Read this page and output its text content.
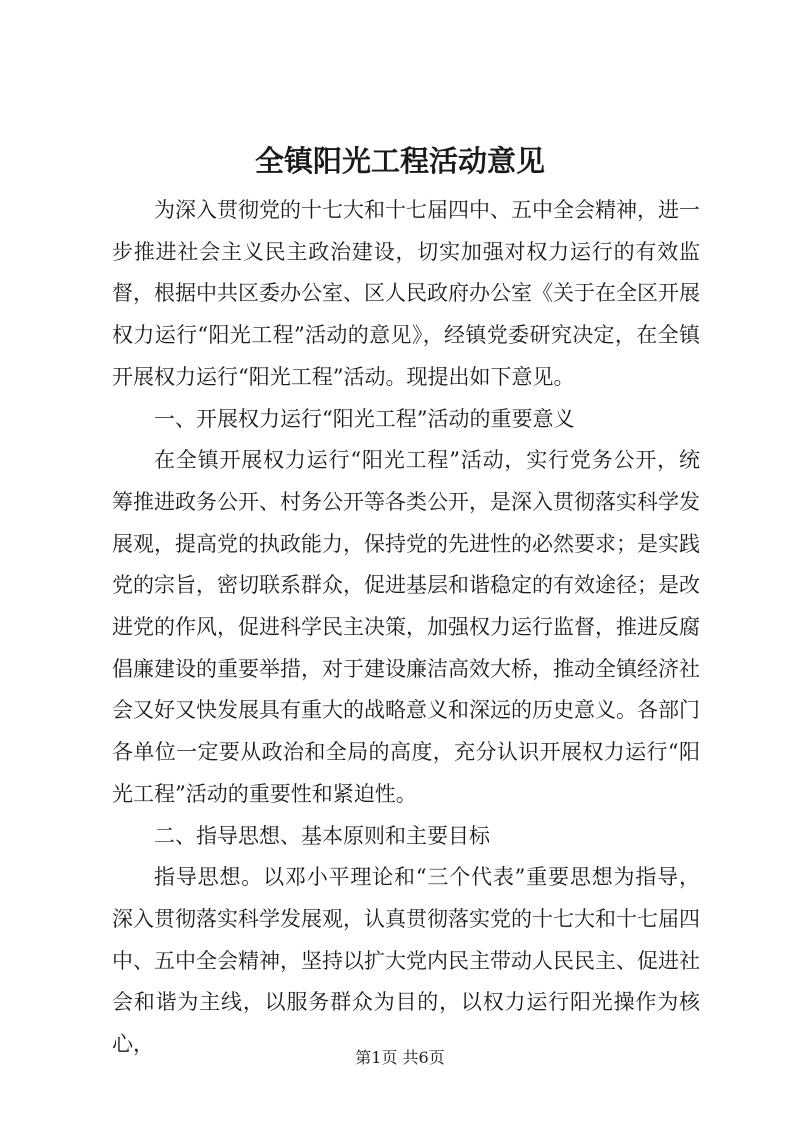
全镇阳光工程活动意见

为深入贯彻党的十七大和十七届四中、五中全会精神，进一步推进社会主义民主政治建设，切实加强对权力运行的有效监督，根据中共区委办公室、区人民政府办公室《关于在全区开展权力运行“阳光工程”活动的意见》，经镇党委研究决定，在全镇开展权力运行“阳光工程”活动。现提出如下意见。

一、开展权力运行“阳光工程”活动的重要意义

在全镇开展权力运行“阳光工程”活动，实行党务公开，统筹推进政务公开、村务公开等各类公开，是深入贯彻落实科学发展观，提高党的执政能力，保持党的先进性的必然要求；是实践党的宗旨，密切联系群众，促进基层和谐稳定的有效途径；是改进党的作风，促进科学民主决策，加强权力运行监督，推进反腐倡廉建设的重要举措，对于建设廉洁高效大桥，推动全镇经济社会又好又快发展具有重大的战略意义和深远的历史意义。各部门各单位一定要从政治和全局的高度，充分认识开展权力运行“阳光工程”活动的重要性和紧迫性。

二、指导思想、基本原则和主要目标

指导思想。以邓小平理论和“三个代表”重要思想为指导，深入贯彻落实科学发展观，认真贯彻落实党的十七大和十七届四中、五中全会精神，坚持以扩大党内民主带动人民民主、促进社会和谐为主线，以服务群众为目的，以权力运行阳光操作为核心，

第1页 共6页
